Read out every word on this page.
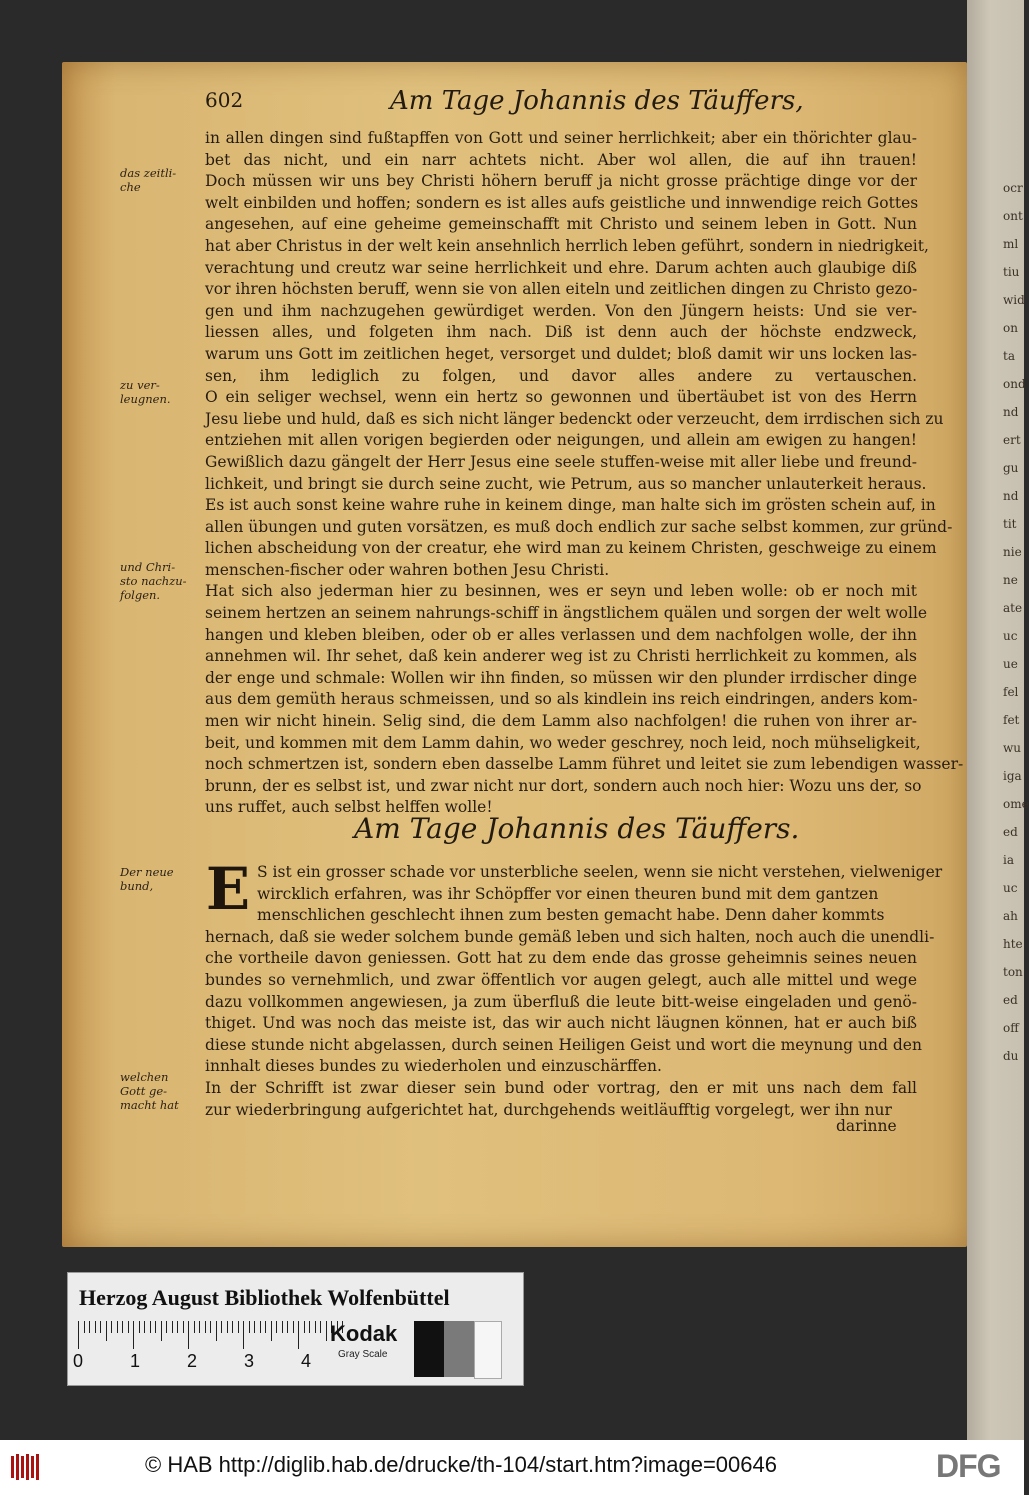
602	Am Tage Johannis des Täuffers,

in allen dingen sind fußtapffen von Gott und seiner herrlichkeit; aber ein thörichter glau-

bet das nicht, und ein narr achtets nicht. Aber wol allen, die auf ihn trauen!

Doch müssen wir uns bey Christi höhern beruff ja nicht grosse prächtige dinge vor der

welt einbilden und hoffen; sondern es ist alles aufs geistliche und innwendige reich Gottes

angesehen, auf eine geheime gemeinschafft mit Christo und seinem leben in Gott. Nun

hat aber Christus in der welt kein ansehnlich herrlich leben geführt, sondern in niedrigkeit,

verachtung und creutz war seine herrlichkeit und ehre. Darum achten auch glaubige diß

vor ihren höchsten beruff, wenn sie von allen eiteln und zeitlichen dingen zu Christo gezo-

gen und ihm nachzugehen gewürdiget werden. Von den Jüngern heists: Und sie ver-

liessen alles, und folgeten ihm nach. Diß ist denn auch der höchste endzweck,

warum uns Gott im zeitlichen heget, versorget und duldet; bloß damit wir uns locken las-

sen, ihm lediglich zu folgen, und davor alles andere zu vertauschen.

O ein seliger wechsel, wenn ein hertz so gewonnen und übertäubet ist von des Herrn

Jesu liebe und huld, daß es sich nicht länger bedenckt oder verzeucht, dem irrdischen sich zu

entziehen mit allen vorigen begierden oder neigungen, und allein am ewigen zu hangen!

Gewißlich dazu gängelt der Herr Jesus eine seele stuffen-weise mit aller liebe und freund-

lichkeit, und bringt sie durch seine zucht, wie Petrum, aus so mancher unlauterkeit heraus.

Es ist auch sonst keine wahre ruhe in keinem dinge, man halte sich im grösten schein auf, in

allen übungen und guten vorsätzen, es muß doch endlich zur sache selbst kommen, zur gründ-

lichen abscheidung von der creatur, ehe wird man zu keinem Christen, geschweige zu einem

menschen-fischer oder wahren bothen Jesu Christi.

Hat sich also jederman hier zu besinnen, wes er seyn und leben wolle: ob er noch mit

seinem hertzen an seinem nahrungs-schiff in ängstlichem quälen und sorgen der welt wolle

hangen und kleben bleiben, oder ob er alles verlassen und dem nachfolgen wolle, der ihn

annehmen wil. Ihr sehet, daß kein anderer weg ist zu Christi herrlichkeit zu kommen, als

der enge und schmale: Wollen wir ihn finden, so müssen wir den plunder irrdischer dinge

aus dem gemüth heraus schmeissen, und so als kindlein ins reich eindringen, anders kom-

men wir nicht hinein. Selig sind, die dem Lamm also nachfolgen! die ruhen von ihrer ar-

beit, und kommen mit dem Lamm dahin, wo weder geschrey, noch leid, noch mühseligkeit,

noch schmertzen ist, sondern eben dasselbe Lamm führet und leitet sie zum lebendigen wasser-

brunn, der es selbst ist, und zwar nicht nur dort, sondern auch noch hier: Wozu uns der, so

uns ruffet, auch selbst helffen wolle!

Am Tage Johannis des Täuffers.
E S ist ein grosser schade vor unsterbliche seelen, wenn sie nicht verstehen, vielweniger

wircklich erfahren, was ihr Schöpffer vor einen theuren bund mit dem gantzen

menschlichen geschlecht ihnen zum besten gemacht habe. Denn daher kommts

hernach, daß sie weder solchem bunde gemäß leben und sich halten, noch auch die unendli-

che vortheile davon geniessen. Gott hat zu dem ende das grosse geheimnis seines neuen

bundes so vernehmlich, und zwar öffentlich vor augen gelegt, auch alle mittel und wege

dazu vollkommen angewiesen, ja zum überfluß die leute bitt-weise eingeladen und genö-

thiget. Und was noch das meiste ist, das wir auch nicht läugnen können, hat er auch biß

diese stunde nicht abgelassen, durch seinen Heiligen Geist und wort die meynung und den

innhalt dieses bundes zu wiederholen und einzuschärffen.

In der Schrifft ist zwar dieser sein bund oder vortrag, den er mit uns nach dem fall

zur wiederbringung aufgerichtet hat, durchgehends weitläufftig vorgelegt, wer ihn nur

darinne
das zeitli-
che
zu ver-
leugnen.
und Chri-
sto nachzu-
folgen.
Der neue
bund,
welchen
Gott ge-
macht hat
ocr
ont
ml
tiu
wid
on
ta
ond
nd
ert
gu
nd
tit
nie
ne
ate
uc
ue
fel
fet
wu
iga
ome
ed
ia
uc
ah
hte
ton
ed
off
du
Herzog August Bibliothek Wolfenbüttel
0	1	2	3	4
Kodak
Gray Scale
© HAB http://diglib.hab.de/drucke/th-104/start.htm?image=00646	DFG
